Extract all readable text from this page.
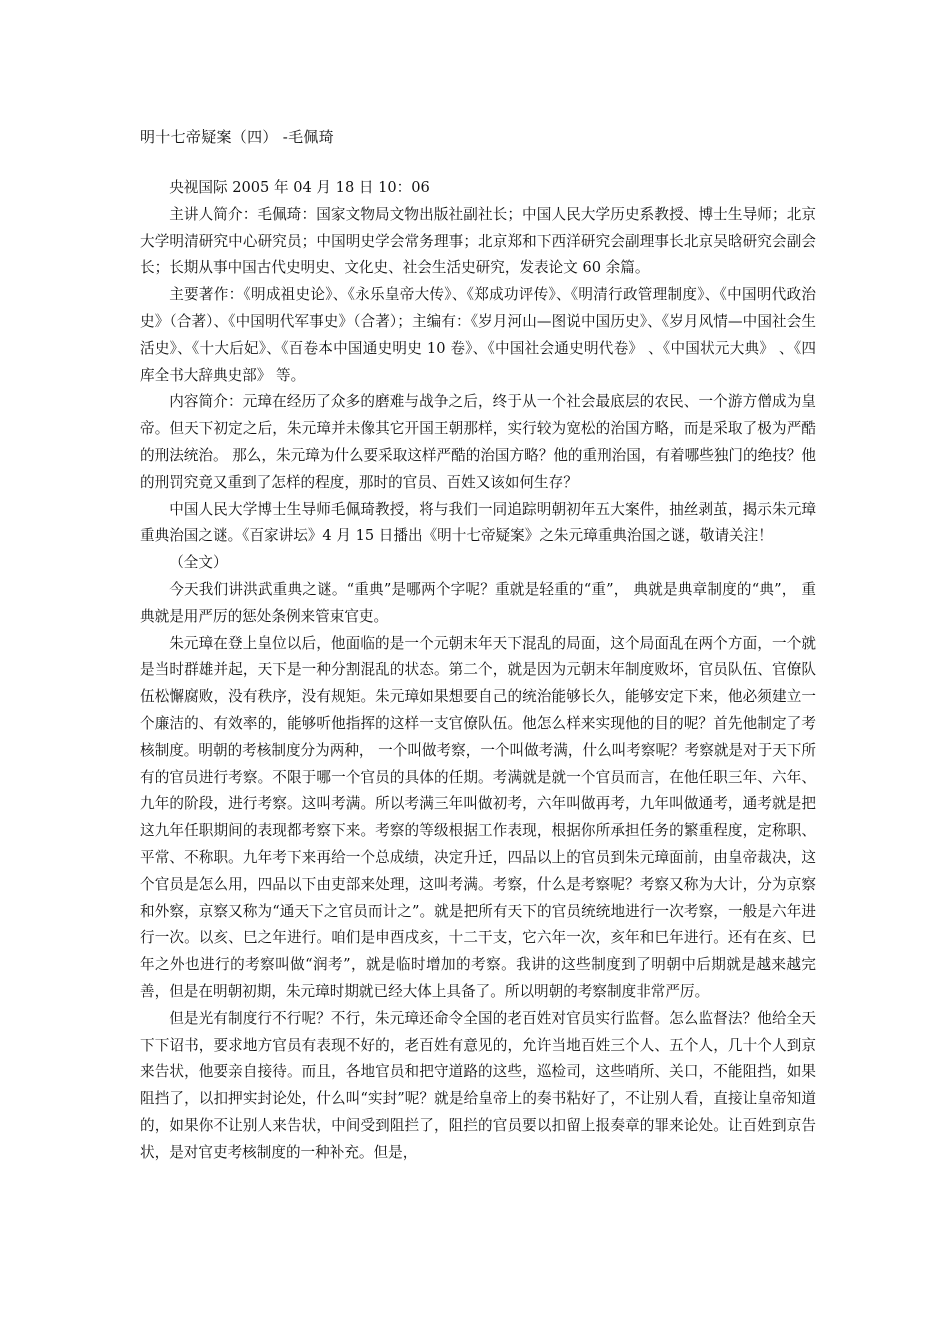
明十七帝疑案（四） -毛佩琦

央视国际 2005 年 04 月 18 日 10：06

主讲人简介：毛佩琦：国家文物局文物出版社副社长；中国人民大学历史系教授、博士生导师；北京大学明清研究中心研究员；中国明史学会常务理事；北京郑和下西洋研究会副理事长北京吴晗研究会副会长；长期从事中国古代史明史、文化史、社会生活史研究，发表论文 60 余篇。

主要著作：《明成祖史论》、《永乐皇帝大传》、《郑成功评传》、《明清行政管理制度》、《中国明代政治史》（合著）、《中国明代军事史》（合著）；主编有：《岁月河山—图说中国历史》、《岁月风情—中国社会生活史》、《十大后妃》、《百卷本中国通史明史 10 卷》、《中国社会通史明代卷》 、《中国状元大典》 、《四库全书大辞典史部》 等。

内容简介：元璋在经历了众多的磨难与战争之后，终于从一个社会最底层的农民、一个游方僧成为皇帝。但天下初定之后，朱元璋并未像其它开国王朝那样，实行较为宽松的治国方略，而是采取了极为严酷的刑法统治。 那么，朱元璋为什么要采取这样严酷的治国方略？他的重刑治国，有着哪些独门的绝技？他的刑罚究竟又重到了怎样的程度，那时的官员、百姓又该如何生存？

中国人民大学博士生导师毛佩琦教授，将与我们一同追踪明朝初年五大案件，抽丝剥茧，揭示朱元璋重典治国之谜。《百家讲坛》4 月 15 日播出《明十七帝疑案》之朱元璋重典治国之谜，敬请关注！

（全文）

今天我们讲洪武重典之谜。“重典”是哪两个字呢？重就是轻重的“重”， 典就是典章制度的“典”， 重典就是用严厉的惩处条例来管束官吏。

朱元璋在登上皇位以后，他面临的是一个元朝末年天下混乱的局面，这个局面乱在两个方面，一个就是当时群雄并起，天下是一种分割混乱的状态。第二个，就是因为元朝末年制度败坏，官员队伍、官僚队伍松懈腐败，没有秩序，没有规矩。朱元璋如果想要自己的统治能够长久，能够安定下来，他必须建立一个廉洁的、有效率的，能够听他指挥的这样一支官僚队伍。他怎么样来实现他的目的呢？首先他制定了考核制度。明朝的考核制度分为两种， 一个叫做考察，一个叫做考满，什么叫考察呢？考察就是对于天下所有的官员进行考察。不限于哪一个官员的具体的任期。考满就是就一个官员而言，在他任职三年、六年、九年的阶段，进行考察。这叫考满。所以考满三年叫做初考，六年叫做再考，九年叫做通考，通考就是把这九年任职期间的表现都考察下来。考察的等级根据工作表现，根据你所承担任务的繁重程度，定称职、平常、不称职。九年考下来再给一个总成绩，决定升迁，四品以上的官员到朱元璋面前，由皇帝裁决，这个官员是怎么用，四品以下由吏部来处理，这叫考满。考察，什么是考察呢？考察又称为大计，分为京察和外察，京察又称为“通天下之官员而计之”。就是把所有天下的官员统统地进行一次考察，一般是六年进行一次。以亥、巳之年进行。咱们是申酉戌亥，十二干支，它六年一次，亥年和巳年进行。还有在亥、巳年之外也进行的考察叫做“润考”，就是临时增加的考察。我讲的这些制度到了明朝中后期就是越来越完善，但是在明朝初期，朱元璋时期就已经大体上具备了。所以明朝的考察制度非常严厉。

但是光有制度行不行呢？不行，朱元璋还命令全国的老百姓对官员实行监督。怎么监督法？他给全天下下诏书，要求地方官员有表现不好的，老百姓有意见的，允许当地百姓三个人、五个人，几十个人到京来告状，他要亲自接待。而且，各地官员和把守道路的这些，巡检司，这些哨所、关口，不能阻挡，如果阻挡了，以扣押实封论处，什么叫“实封”呢？就是给皇帝上的奏书粘好了，不让别人看，直接让皇帝知道的，如果你不让别人来告状，中间受到阻拦了，阻拦的官员要以扣留上报奏章的罪来论处。让百姓到京告状，是对官吏考核制度的一种补充。但是，
